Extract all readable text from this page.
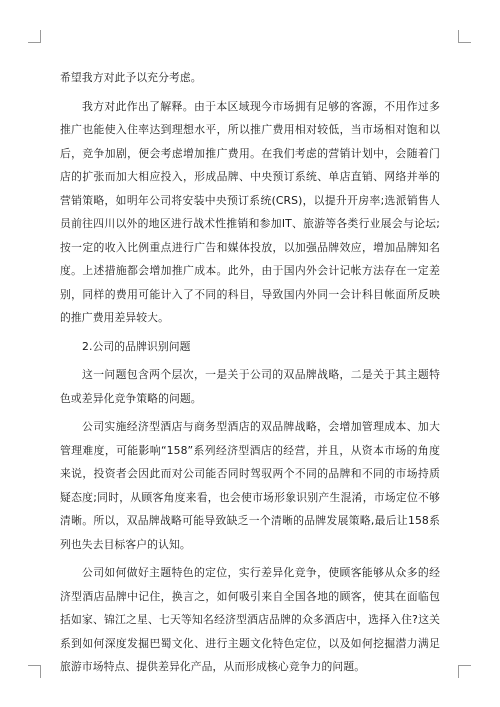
希望我方对此予以充分考虑。

我方对此作出了解释。由于本区域现今市场拥有足够的客源，不用作过多推广也能使入住率达到理想水平，所以推广费用相对较低，当市场相对饱和以后，竞争加剧，便会考虑增加推广费用。在我们考虑的营销计划中，会随着门店的扩张而加大相应投入，形成品牌、中央预订系统、单店直销、网络并举的营销策略，如明年公司将安装中央预订系统(CRS)，以提升开房率;选派销售人员前往四川以外的地区进行战术性推销和参加IT、旅游等各类行业展会与论坛;按一定的收入比例重点进行广告和媒体投放，以加强品牌效应，增加品牌知名度。上述措施都会增加推广成本。此外，由于国内外会计记帐方法存在一定差别，同样的费用可能计入了不同的科目，导致国内外同一会计科目帐面所反映的推广费用差异较大。

2.公司的品牌识别问题

这一问题包含两个层次，一是关于公司的双品牌战略，二是关于其主题特色或差异化竞争策略的问题。

公司实施经济型酒店与商务型酒店的双品牌战略，会增加管理成本、加大管理难度，可能影响“158”系列经济型酒店的经营，并且，从资本市场的角度来说，投资者会因此而对公司能否同时驾驭两个不同的品牌和不同的市场持质疑态度;同时，从顾客角度来看，也会使市场形象识别产生混淆，市场定位不够清晰。所以，双品牌战略可能导致缺乏一个清晰的品牌发展策略,最后让158系列也失去目标客户的认知。

公司如何做好主题特色的定位，实行差异化竞争，使顾客能够从众多的经济型酒店品牌中记住，换言之，如何吸引来自全国各地的顾客，使其在面临包括如家、锦江之星、七天等知名经济型酒店品牌的众多酒店中，选择入住?这关系到如何深度发掘巴蜀文化、进行主题文化特色定位，以及如何挖掘潜力满足旅游市场特点、提供差异化产品，从而形成核心竞争力的问题。
